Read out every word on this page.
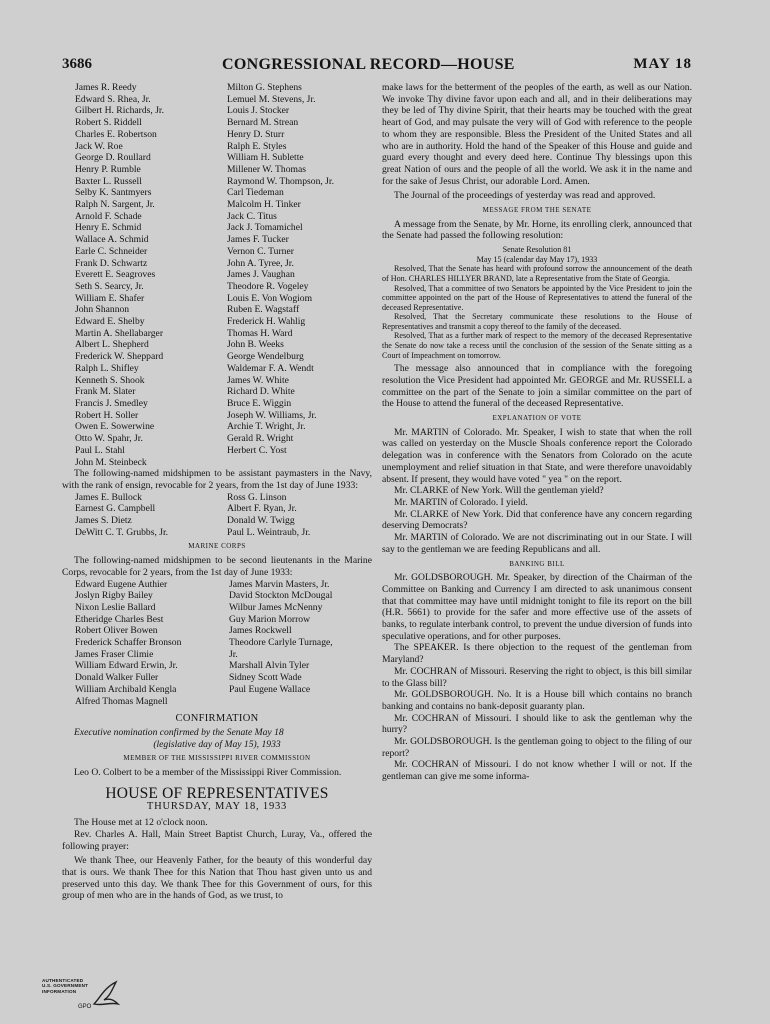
3686	CONGRESSIONAL RECORD—HOUSE	MAY 18
James R. Reedy
Edward S. Rhea, Jr.
Gilbert H. Richards, Jr.
Robert S. Riddell
Charles E. Robertson
Jack W. Roe
George D. Roullard
Henry P. Rumble
Baxter L. Russell
Selby K. Santmyers
Ralph N. Sargent, Jr.
Arnold F. Schade
Henry E. Schmid
Wallace A. Schmid
Earle C. Schneider
Frank D. Schwartz
Everett E. Seagroves
Seth S. Searcy, Jr.
William E. Shafer
John Shannon
Edward E. Shelby
Martin A. Shellabarger
Albert L. Shepherd
Frederick W. Sheppard
Ralph L. Shifley
Kenneth S. Shook
Frank M. Slater
Francis J. Smedley
Robert H. Soller
Owen E. Sowerwine
Otto W. Spahr, Jr.
Paul L. Stahl
John M. Steinbeck
Milton G. Stephens
Lemuel M. Stevens, Jr.
Louis J. Stocker
Bernard M. Strean
Henry D. Sturr
Ralph E. Styles
William H. Sublette
Millener W. Thomas
Raymond W. Thompson, Jr.
Carl Tiedeman
Malcolm H. Tinker
Jack C. Titus
Jack J. Tomamichel
James F. Tucker
Vernon C. Turner
John A. Tyree, Jr.
James J. Vaughan
Theodore R. Vogeley
Louis E. Von Wogiom
Ruben E. Wagstaff
Frederick H. Wahlig
Thomas H. Ward
John B. Weeks
George Wendelburg
Waldemar F. A. Wendt
James W. White
Richard D. White
Bruce E. Wiggin
Joseph W. Williams, Jr.
Archie T. Wright, Jr.
Gerald R. Wright
Herbert C. Yost

The following-named midshipmen to be assistant paymasters in the Navy, with the rank of ensign, revocable for 2 years, from the 1st day of June 1933:

James E. Bullock
Earnest G. Campbell
James S. Dietz
DeWitt C. T. Grubbs, Jr.
Ross G. Linson
Albert F. Ryan, Jr.
Donald W. Twigg
Paul L. Weintraub, Jr.
MARINE CORPS

The following-named midshipmen to be second lieutenants in the Marine Corps, revocable for 2 years, from the 1st day of June 1933:

Edward Eugene Authier
Joslyn Rigby Bailey
Nixon Leslie Ballard
Etheridge Charles Best
Robert Oliver Bowen
Frederick Schaffer Bronson
James Fraser Climie
William Edward Erwin, Jr.
Donald Walker Fuller
William Archibald Kengla
Alfred Thomas Magnell
James Marvin Masters, Jr.
David Stockton McDougal
Wilbur James McNenny
Guy Marion Morrow
James Rockwell
Theodore Carlyle Turnage,
Jr.
Marshall Alvin Tyler
Sidney Scott Wade
Paul Eugene Wallace
CONFIRMATION

Executive nomination confirmed by the Senate May 18

(legislative day of May 15), 1933
MEMBER OF THE MISSISSIPPI RIVER COMMISSION

Leo O. Colbert to be a member of the Mississippi River Commission.

HOUSE OF REPRESENTATIVES
THURSDAY, MAY 18, 1933

The House met at 12 o'clock noon.

Rev. Charles A. Hall, Main Street Baptist Church, Luray, Va., offered the following prayer:

We thank Thee, our Heavenly Father, for the beauty of this wonderful day that is ours. We thank Thee for this Nation that Thou hast given unto us and preserved unto this day. We thank Thee for this Government of ours, for this group of men who are in the hands of God, as we trust, to

make laws for the betterment of the peoples of the earth, as well as our Nation. We invoke Thy divine favor upon each and all, and in their deliberations may they be led of Thy divine Spirit, that their hearts may be touched with the great heart of God, and may pulsate the very will of God with reference to the people to whom they are responsible. Bless the President of the United States and all who are in authority. Hold the hand of the Speaker of this House and guide and guard every thought and every deed here. Continue Thy blessings upon this great Nation of ours and the people of all the world. We ask it in the name and for the sake of Jesus Christ, our adorable Lord. Amen.

The Journal of the proceedings of yesterday was read and approved.

MESSAGE FROM THE SENATE

A message from the Senate, by Mr. Horne, its enrolling clerk, announced that the Senate had passed the following resolution:

Senate Resolution 81
May 15 (calendar day May 17), 1933

Resolved, That the Senate has heard with profound sorrow the announcement of the death of Hon. CHARLES HILLYER BRAND, late a Representative from the State of Georgia.

Resolved, That a committee of two Senators be appointed by the Vice President to join the committee appointed on the part of the House of Representatives to attend the funeral of the deceased Representative.

Resolved, That the Secretary communicate these resolutions to the House of Representatives and transmit a copy thereof to the family of the deceased.

Resolved, That as a further mark of respect to the memory of the deceased Representative the Senate do now take a recess until the conclusion of the session of the Senate sitting as a Court of Impeachment on tomorrow.

The message also announced that in compliance with the foregoing resolution the Vice President had appointed Mr. GEORGE and Mr. RUSSELL a committee on the part of the Senate to join a similar committee on the part of the House to attend the funeral of the deceased Representative.

EXPLANATION OF VOTE

Mr. MARTIN of Colorado. Mr. Speaker, I wish to state that when the roll was called on yesterday on the Muscle Shoals conference report the Colorado delegation was in conference with the Senators from Colorado on the acute unemployment and relief situation in that State, and were therefore unavoidably absent. If present, they would have voted " yea " on the report.

Mr. CLARKE of New York. Will the gentleman yield?

Mr. MARTIN of Colorado. I yield.

Mr. CLARKE of New York. Did that conference have any concern regarding deserving Democrats?

Mr. MARTIN of Colorado. We are not discriminating out in our State. I will say to the gentleman we are feeding Republicans and all.

BANKING BILL

Mr. GOLDSBOROUGH. Mr. Speaker, by direction of the Chairman of the Committee on Banking and Currency I am directed to ask unanimous consent that that committee may have until midnight tonight to file its report on the bill (H.R. 5661) to provide for the safer and more effective use of the assets of banks, to regulate interbank control, to prevent the undue diversion of funds into speculative operations, and for other purposes.

The SPEAKER. Is there objection to the request of the gentleman from Maryland?

Mr. COCHRAN of Missouri. Reserving the right to object, is this bill similar to the Glass bill?

Mr. GOLDSBOROUGH. No. It is a House bill which contains no branch banking and contains no bank-deposit guaranty plan.

Mr. COCHRAN of Missouri. I should like to ask the gentleman why the hurry?

Mr. GOLDSBOROUGH. Is the gentleman going to object to the filing of our report?

Mr. COCHRAN of Missouri. I do not know whether I will or not. If the gentleman can give me some informa-

AUTHENTICATED
U.S. GOVERNMENT
INFORMATION
GPO
